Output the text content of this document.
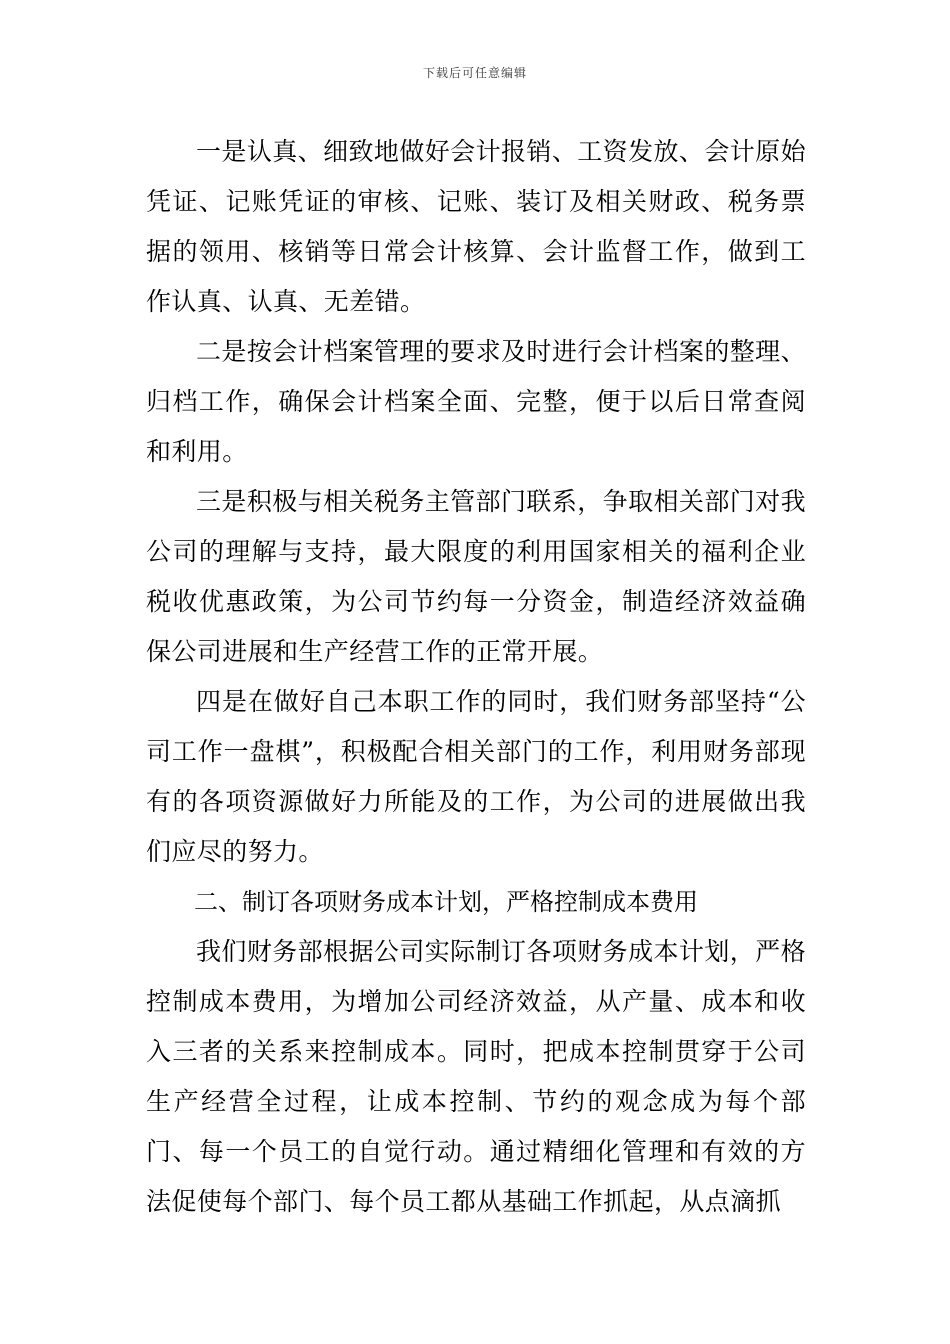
下载后可任意编辑

一是认真、细致地做好会计报销、工资发放、会计原始凭证、记账凭证的审核、记账、装订及相关财政、税务票据的领用、核销等日常会计核算、会计监督工作，做到工作认真、认真、无差错。

二是按会计档案管理的要求及时进行会计档案的整理、归档工作，确保会计档案全面、完整，便于以后日常查阅和利用。

三是积极与相关税务主管部门联系，争取相关部门对我公司的理解与支持，最大限度的利用国家相关的福利企业税收优惠政策，为公司节约每一分资金，制造经济效益确保公司进展和生产经营工作的正常开展。

四是在做好自己本职工作的同时，我们财务部坚持“公司工作一盘棋”，积极配合相关部门的工作，利用财务部现有的各项资源做好力所能及的工作，为公司的进展做出我们应尽的努力。

二、制订各项财务成本计划，严格控制成本费用

我们财务部根据公司实际制订各项财务成本计划，严格控制成本费用，为增加公司经济效益，从产量、成本和收入三者的关系来控制成本。同时，把成本控制贯穿于公司生产经营全过程，让成本控制、节约的观念成为每个部门、每一个员工的自觉行动。通过精细化管理和有效的方法促使每个部门、每个员工都从基础工作抓起，从点滴抓
